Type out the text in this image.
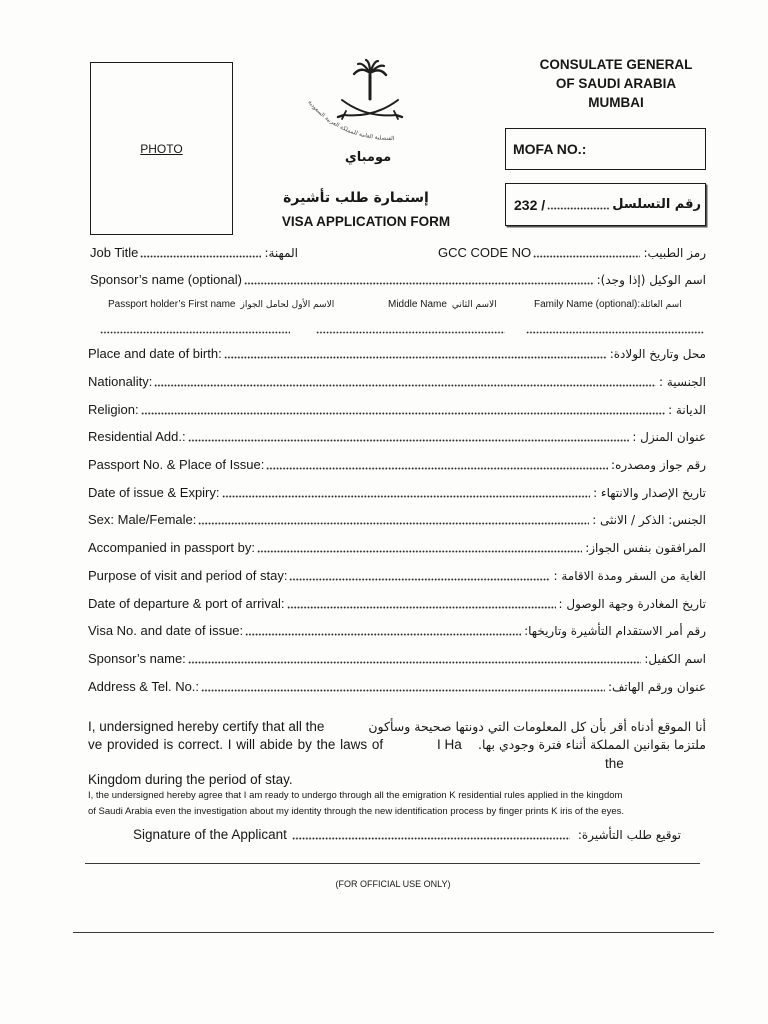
PHOTO
القنصلية العامة للمملكة العربية السعودية
مومباي
إستمارة طلب تأشيرة
VISA APPLICATION FORM
CONSULATE GENERAL
OF SAUDI ARABIA
MUMBAI
MOFA NO.:
232 /	رقم التسلسل
Job Title	المهنة:	GCC CODE NO	رمز الطبيب:
Sponsor’s name (optional)	اسم الوكيل (إذا وجد):
Passport holder’s First name الاسم الأول لحامل الجواز	Middle Name الاسم الثاني	Family Name (optional): اسم العائلة
Place and date of birth:	محل وتاريخ الولادة:
Nationality:	الجنسية :
Religion:	الديانة :
Residential Add.:	عنوان المنزل :
Passport No. & Place of Issue:	رقم جواز ومصدره:
Date of issue & Expiry:	تاريخ الإصدار والانتهاء :
Sex: Male/Female:	الجنس: الذكر / الانثى :
Accompanied in passport by:	المرافقون بنفس الجواز:
Purpose of visit and period of stay:	الغاية من السفر ومدة الاقامة :
Date of departure & port of arrival:	تاريخ المغادرة وجهة الوصول :
Visa No. and date of issue:	رقم أمر الاستقدام التأشيرة وتاريخها:
Sponsor’s name:	اسم الكفيل:
Address & Tel. No.:	عنوان ورقم الهاتف:
I, undersigned hereby certify that all the	أنا الموقع أدناه أقر بأن كل المعلومات التي دونتها صحيحة وسأكون
ve provided is correct. I will abide by the laws of	I Ha ملتزما بقوانين المملكة أثناء فترة وجودي بها.
the
Kingdom during the period of stay.
I, the undersigned hereby agree that I am ready to undergo through all the emigration K residential rules applied in the kingdom
of Saudi Arabia even the investigation about my identity through the new identification process by finger prints K iris of the eyes.
Signature of the Applicant	توقيع طلب التأشيرة:
(FOR OFFICIAL USE ONLY)
